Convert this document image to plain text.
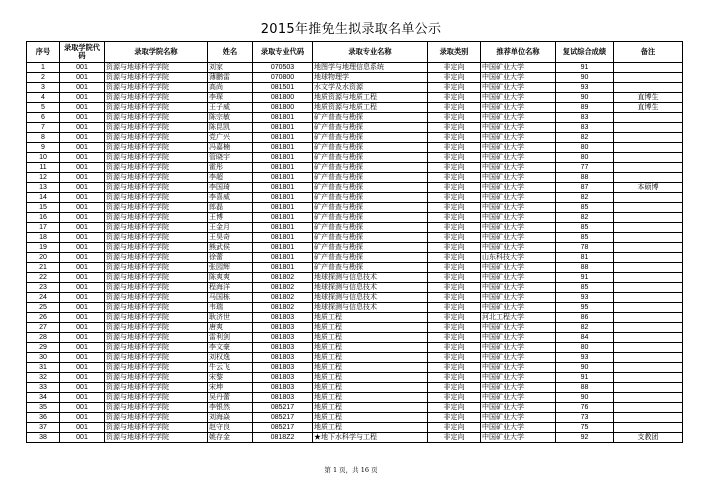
2015年推免生拟录取名单公示
序号	录取学院代码	录取学院名称	姓名	录取专业代码	录取专业名称	录取类别	推荐单位名称	复试综合成绩	备注
1	001	资源与地球科学学院	刘家	070503	地图学与地理信息系统	非定向	中国矿业大学	91	
2	001	资源与地球科学学院	薄鹏雷	070800	地球物理学	非定向	中国矿业大学	90	
3	001	资源与地球科学学院	高尚	081501	水文学及水资源	非定向	中国矿业大学	93	
4	001	资源与地球科学学院	李琛	081800	地质资源与地质工程	非定向	中国矿业大学	90	直博生
5	001	资源与地球科学学院	王子威	081800	地质资源与地质工程	非定向	中国矿业大学	89	直博生
6	001	资源与地球科学学院	陈宗敏	081801	矿产普查与勘探	非定向	中国矿业大学	83	
7	001	资源与地球科学学院	陈昆凯	081801	矿产普查与勘探	非定向	中国矿业大学	83	
8	001	资源与地球科学学院	党广兴	081801	矿产普查与勘探	非定向	中国矿业大学	82	
9	001	资源与地球科学学院	冯嘉楠	081801	矿产普查与勘探	非定向	中国矿业大学	80	
10	001	资源与地球科学学院	管晓宇	081801	矿产普查与勘探	非定向	中国矿业大学	80	
11	001	资源与地球科学学院	霍彤	081801	矿产普查与勘探	非定向	中国矿业大学	77	
12	001	资源与地球科学学院	李超	081801	矿产普查与勘探	非定向	中国矿业大学	88	
13	001	资源与地球科学学院	李国琦	081801	矿产普查与勘探	非定向	中国矿业大学	87	本硕博
14	001	资源与地球科学学院	李喜威	081801	矿产普查与勘探	非定向	中国矿业大学	82	
15	001	资源与地球科学学院	郎磊	081801	矿产普查与勘探	非定向	中国矿业大学	85	
16	001	资源与地球科学学院	王博	081801	矿产普查与勘探	非定向	中国矿业大学	82	
17	001	资源与地球科学学院	王金月	081801	矿产普查与勘探	非定向	中国矿业大学	85	
18	001	资源与地球科学学院	王昊奇	081801	矿产普查与勘探	非定向	中国矿业大学	85	
19	001	资源与地球科学学院	熊武侯	081801	矿产普查与勘探	非定向	中国矿业大学	78	
20	001	资源与地球科学学院	徐蕾	081801	矿产普查与勘探	非定向	山东科技大学	81	
21	001	资源与地球科学学院	张园辉	081801	矿产普查与勘探	非定向	中国矿业大学	88	
22	001	资源与地球科学学院	陈爽爽	081802	地球探测与信息技术	非定向	中国矿业大学	91	
23	001	资源与地球科学学院	程海洋	081802	地球探测与信息技术	非定向	中国矿业大学	85	
24	001	资源与地球科学学院	马国栋	081802	地球探测与信息技术	非定向	中国矿业大学	93	
25	001	资源与地球科学学院	韦瑞	081802	地球探测与信息技术	非定向	中国矿业大学	95	
26	001	资源与地球科学学院	耿济世	081803	地质工程	非定向	河北工程大学	86	
27	001	资源与地球科学学院	唐爽	081803	地质工程	非定向	中国矿业大学	82	
28	001	资源与地球科学学院	雷利剑	081803	地质工程	非定向	中国矿业大学	84	
29	001	资源与地球科学学院	李文豪	081803	地质工程	非定向	中国矿业大学	80	
30	001	资源与地球科学学院	刘权逸	081803	地质工程	非定向	中国矿业大学	93	
31	001	资源与地球科学学院	牛云飞	081803	地质工程	非定向	中国矿业大学	90	
32	001	资源与地球科学学院	宋黎	081803	地质工程	非定向	中国矿业大学	91	
33	001	资源与地球科学学院	宋坤	081803	地质工程	非定向	中国矿业大学	88	
34	001	资源与地球科学学院	吴丹蕾	081803	地质工程	非定向	中国矿业大学	90	
35	001	资源与地球科学学院	李银然	085217	地质工程	非定向	中国矿业大学	76	
36	001	资源与地球科学学院	刘海焱	085217	地质工程	非定向	中国矿业大学	73	
37	001	资源与地球科学学院	赵守良	085217	地质工程	非定向	中国矿业大学	75	
38	001	资源与地球科学学院	姚存金	0818Z2	★地下水科学与工程	非定向	中国矿业大学	92	支教团
第 1 页，共 16 页
